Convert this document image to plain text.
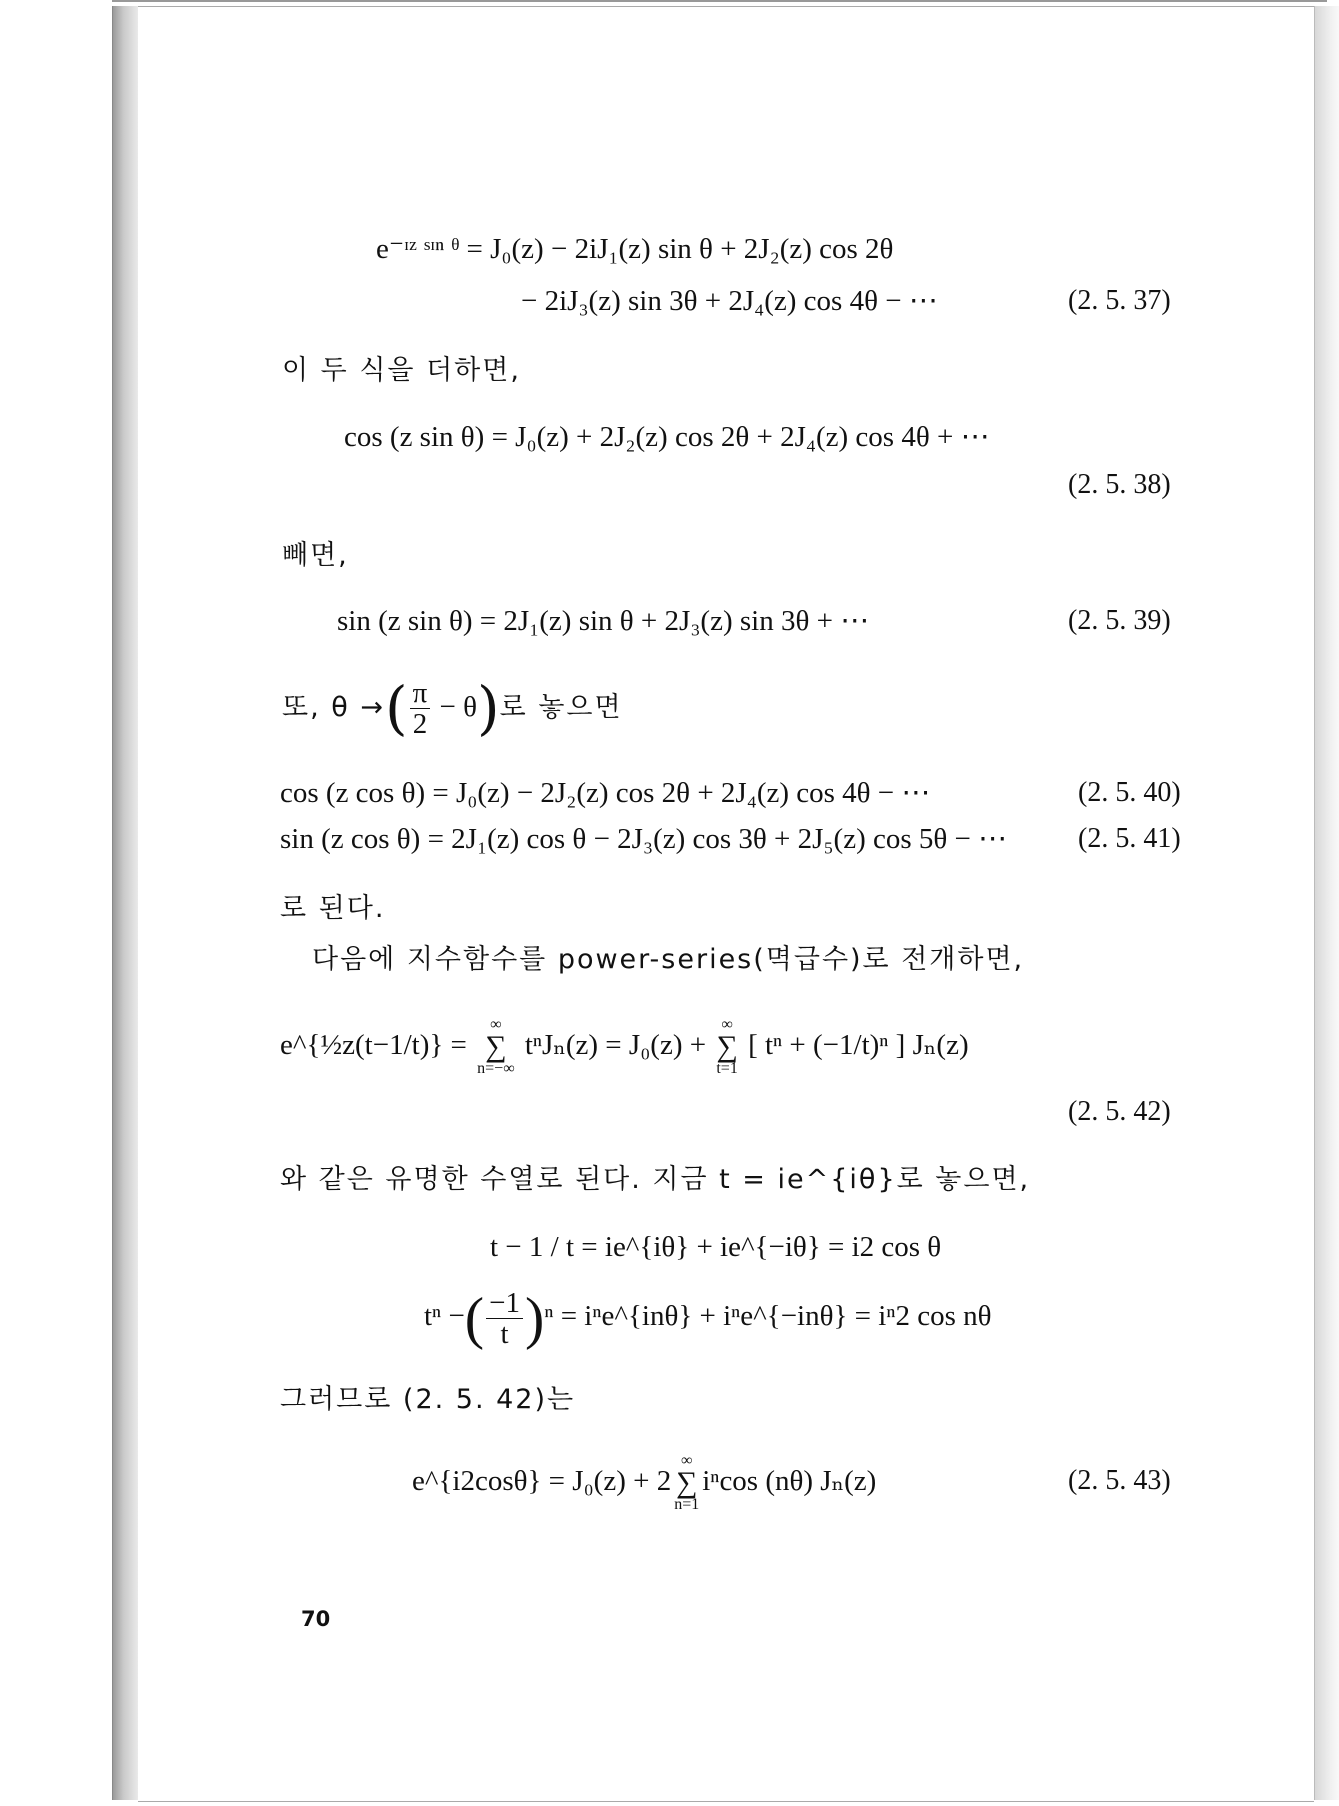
e⁻ᶦᶻ ˢᶦⁿ ᶿ = J₀(z) − 2iJ₁(z) sin θ + 2J₂(z) cos 2θ
− 2iJ₃(z) sin 3θ + 2J₄(z) cos 4θ − ⋯	(2. 5. 37)
이 두 식을 더하면,
cos (z sin θ) = J₀(z) + 2J₂(z) cos 2θ + 2J₄(z) cos 4θ + ⋯
(2. 5. 38)
빼면,
sin (z sin θ) = 2J₁(z) sin θ + 2J₃(z) sin 3θ + ⋯	(2. 5. 39)
또, θ →( $\frac{\pi}{2} - \theta$)로 놓으면
cos (z cos θ) = J₀(z) − 2J₂(z) cos 2θ + 2J₄(z) cos 4θ − ⋯	(2. 5. 40)
sin (z cos θ) = 2J₁(z) cos θ − 2J₃(z) cos 3θ + 2J₅(z) cos 5θ − ⋯	(2. 5. 41)
로 된다.
다음에 지수함수를 power-series(멱급수)로 전개하면,
e^{½z(t−1/t)} =
∞
∑
n=−∞
tⁿJₙ(z) = J₀(z) +
∞
∑
t=1
[ tⁿ + (−1/t)ⁿ ] Jₙ(z)
(2. 5. 42)
와 같은 유명한 수열로 된다. 지금 t = ie^{iθ}로 놓으면,
t − 1 / t = ie^{iθ} + ie^{−iθ} = i2 cos θ
tⁿ −( $\frac{-1}{t} )^n$ = iⁿe^{inθ} + iⁿe^{−inθ} = iⁿ2 cos nθ
그러므로 (2. 5. 42)는
e^{i2cosθ} = J₀(z) + 2
∞
∑
n=1
iⁿcos (nθ) Jₙ(z)	(2. 5. 43)
70
